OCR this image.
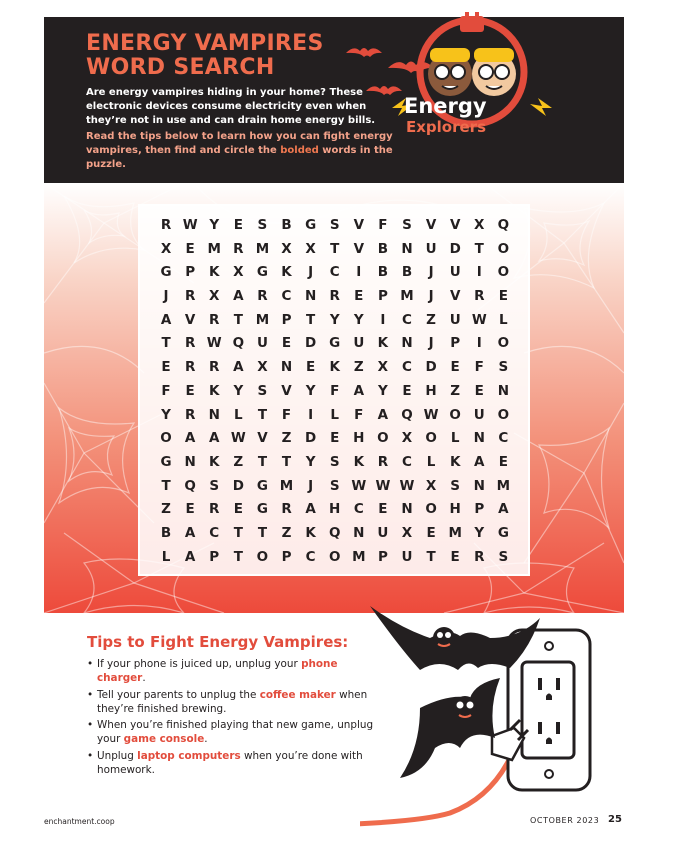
ENERGY VAMPIRES
WORD SEARCH
Are energy vampires hiding in your home? These electronic devices consume electricity even when they’re not in use and can drain home energy bills.
Read the tips below to learn how you can fight energy vampires, then find and circle the bolded words in the puzzle.
Energy
Explorers
R W Y	E	S	B G	S	V	F	S	V	V	X Q
X	E M R M X	X	T	V	B N U D	T	O
G	P	K	X G K	J	C	I	B	B	J	U	I	O
J	R	X	A	R	C N R	E	P M	J	V	R	E
A	V	R	T M P	T	Y	Y	I	C	Z	U W L
T	R W Q U	E	D G U K N	J	P	I	O
E	R	R	A	X N	E	K	Z	X	C	D	E	F	S
F	E	K	Y	S	V	Y	F	A	Y	E	H	Z	E	N
Y	R N	L	T	F	I	L	F	A Q W O U O
O A	A W V	Z	D	E	H O X O	L	N C
G N K	Z	T	T	Y	S	K	R	C	L	K	A	E
T	Q S	D G M	J	S W W W X	S	N M
Z	E	R	E	G R	A H C	E	N O H P	A
B	A	C	T	T	Z	K Q N U X	E M Y	G
L	A	P	T	O P	C O M P	U	T	E	R	S
Tips to Fight Energy Vampires:
• If your phone is juiced up, unplug your phone charger.
• Tell your parents to unplug the coffee maker when they’re finished brewing.
• When you’re finished playing that new game, unplug your game console.
• Unplug laptop computers when you’re done with homework.
enchantment.coop	OCTOBER 2023 25
